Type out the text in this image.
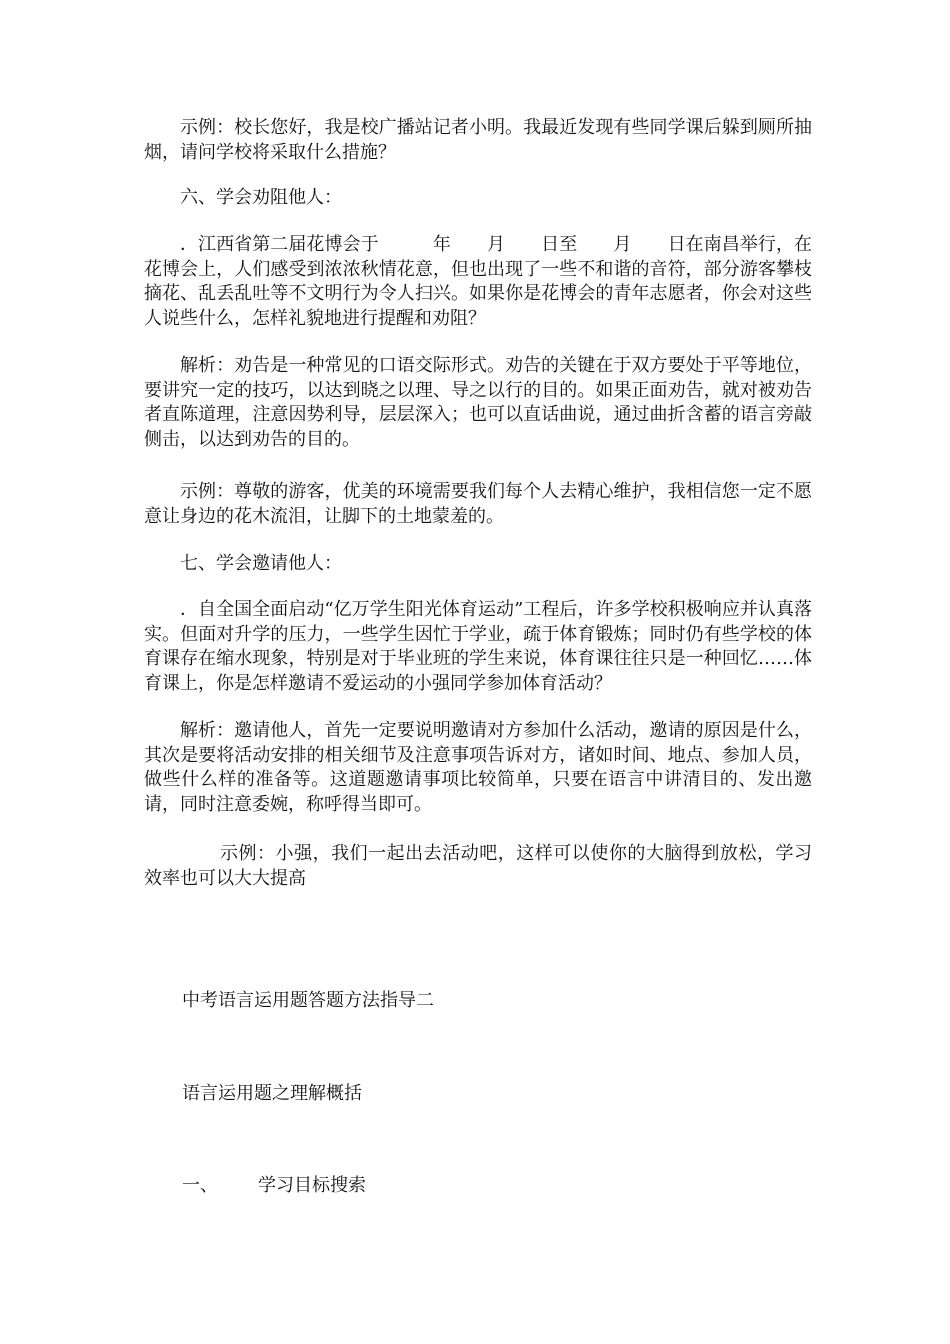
示例：校长您好，我是校广播站记者小明。我最近发现有些同学课后躲到厕所抽烟，请问学校将采取什么措施？

六、学会劝阻他人：

．江西省第二届花博会于　　　年　　月　　日至　　月　　日在南昌举行，在花博会上，人们感受到浓浓秋情花意，但也出现了一些不和谐的音符，部分游客攀枝摘花、乱丢乱吐等不文明行为令人扫兴。如果你是花博会的青年志愿者，你会对这些人说些什么，怎样礼貌地进行提醒和劝阻？

解析：劝告是一种常见的口语交际形式。劝告的关键在于双方要处于平等地位，要讲究一定的技巧，以达到晓之以理、导之以行的目的。如果正面劝告，就对被劝告者直陈道理，注意因势利导，层层深入；也可以直话曲说，通过曲折含蓄的语言旁敲侧击，以达到劝告的目的。

示例：尊敬的游客，优美的环境需要我们每个人去精心维护，我相信您一定不愿意让身边的花木流泪，让脚下的土地蒙羞的。

七、学会邀请他人：

．自全国全面启动“亿万学生阳光体育运动”工程后，许多学校积极响应并认真落实。但面对升学的压力，一些学生因忙于学业，疏于体育锻炼；同时仍有些学校的体育课存在缩水现象，特别是对于毕业班的学生来说，体育课往往只是一种回忆……体育课上，你是怎样邀请不爱运动的小强同学参加体育活动？

解析：邀请他人，首先一定要说明邀请对方参加什么活动，邀请的原因是什么，其次是要将活动安排的相关细节及注意事项告诉对方，诸如时间、地点、参加人员，做些什么样的准备等。这道题邀请事项比较简单，只要在语言中讲清目的、发出邀请，同时注意委婉，称呼得当即可。

示例：小强，我们一起出去活动吧，这样可以使你的大脑得到放松，学习效率也可以大大提高

中考语言运用题答题方法指导二

语言运用题之理解概括

一、 学习目标搜索
